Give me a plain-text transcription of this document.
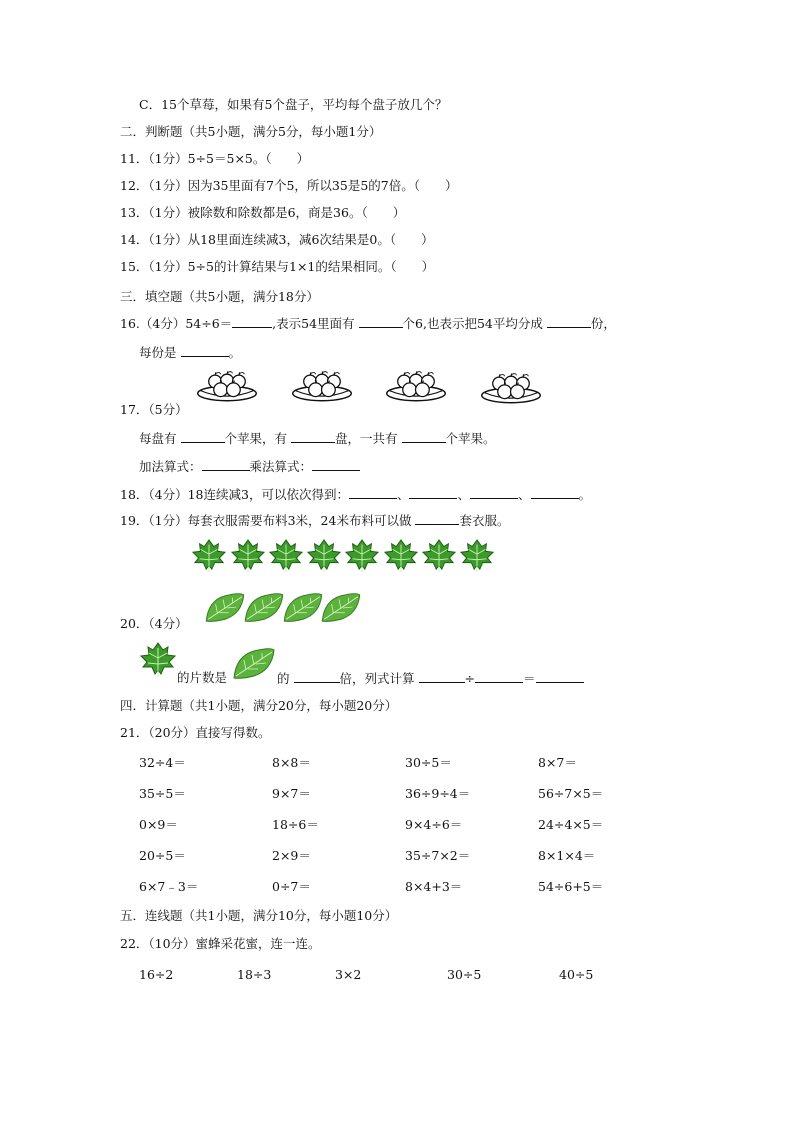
C．15个草莓，如果有5个盘子，平均每个盘子放几个？
二．判断题（共5小题，满分5分，每小题1分）
11．（1分）5÷5＝5×5。（　　）
12．（1分）因为35里面有7个5，所以35是5的7倍。（　　）
13．（1分）被除数和除数都是6，商是36。（　　）
14．（1分）从18里面连续减3，减6次结果是0。（　　）
15．（1分）5÷5的计算结果与1×1的结果相同。（　　）
三．填空题（共5小题，满分18分）
16.（4分）54÷6＝	,表示54里面有	个6,也表示把54平均分成	份，
每份是	。
17．（5分）
每盘有	个苹果，有	盘，一共有	个苹果。
加法算式：	乘法算式：
18．（4分）18连续减3，可以依次得到：	、	、	、	。
19．（1分）每套衣服需要布料3米，24米布料可以做	套衣服。
20．（4分）
的片数是	的	倍，列式计算	÷	＝
四．计算题（共1小题，满分20分，每小题20分）
21．（20分）直接写得数。
32÷4＝	8×8＝	30÷5＝	8×7＝
35÷5＝	9×7＝	36÷9÷4＝	56÷7×5＝
0×9＝	18÷6＝	9×4÷6＝	24÷4×5＝
20÷5＝	2×9＝	35÷7×2＝	8×1×4＝
6×7﹣3＝	0÷7＝	8×4+3＝	54÷6+5＝
五．连线题（共1小题，满分10分，每小题10分）
22．（10分）蜜蜂采花蜜，连一连。
16÷2	18÷3	3×2	30÷5	40÷5
